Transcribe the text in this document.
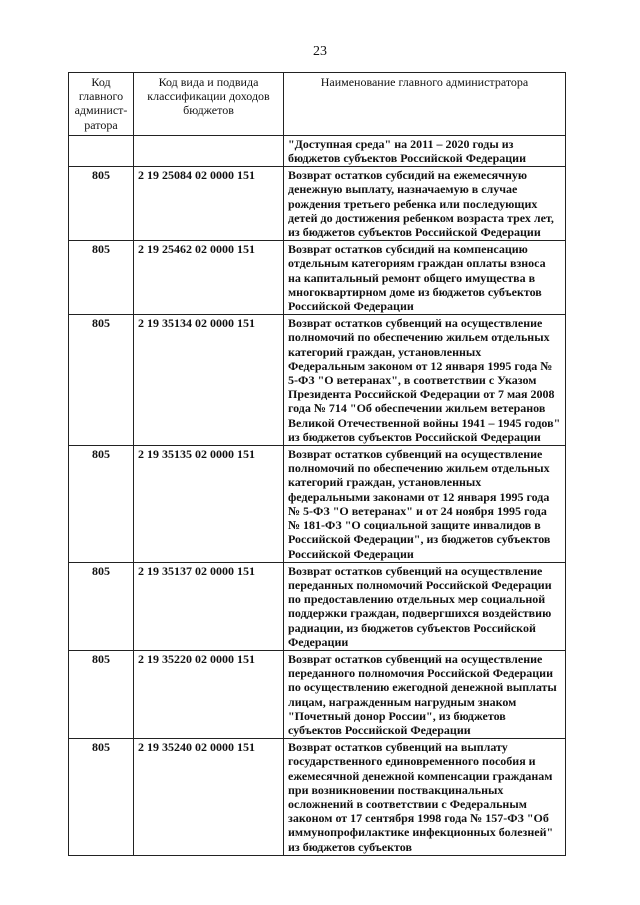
23
Код главного админист-ратора	Код вида и подвида классификации доходов бюджетов	Наименование главного администратора
		"Доступная среда" на 2011 – 2020 годы из бюджетов субъектов Российской Федерации
805	2 19 25084 02 0000 151	Возврат остатков субсидий на ежемесячную денежную выплату, назначаемую в случае рождения третьего ребенка или последующих детей до достижения ребенком возраста трех лет, из бюджетов субъектов Российской Федерации
805	2 19 25462 02 0000 151	Возврат остатков субсидий на компенсацию отдельным категориям граждан оплаты взноса на капитальный ремонт общего имущества в многоквартирном доме из бюджетов субъектов Российской Федерации
805	2 19 35134 02 0000 151	Возврат остатков субвенций на осуществление полномочий по обеспечению жильем отдельных категорий граждан, установленных Федеральным законом от 12 января 1995 года № 5-ФЗ "О ветеранах", в соответствии с Указом Президента Российской Федерации от 7 мая 2008 года № 714 "Об обеспечении жильем ветеранов Великой Отечественной войны 1941 – 1945 годов" из бюджетов субъектов Российской Федерации
805	2 19 35135 02 0000 151	Возврат остатков субвенций на осуществление полномочий по обеспечению жильем отдельных категорий граждан, установленных федеральными законами от 12 января 1995 года № 5-ФЗ "О ветеранах" и от 24 ноября 1995 года № 181-ФЗ "О социальной защите инвалидов в Российской Федерации", из бюджетов субъектов Российской Федерации
805	2 19 35137 02 0000 151	Возврат остатков субвенций на осуществление переданных полномочий Российской Федерации по предоставлению отдельных мер социальной поддержки граждан, подвергшихся воздействию радиации, из бюджетов субъектов Российской Федерации
805	2 19 35220 02 0000 151	Возврат остатков субвенций на осуществление переданного полномочия Российской Федерации по осуществлению ежегодной денежной выплаты лицам, награжденным нагрудным знаком "Почетный донор России", из бюджетов субъектов Российской Федерации
805	2 19 35240 02 0000 151	Возврат остатков субвенций на выплату государственного единовременного пособия и ежемесячной денежной компенсации гражданам при возникновении поствакцинальных осложнений в соответствии с Федеральным законом от 17 сентября 1998 года № 157-ФЗ "Об иммунопрофилактике инфекционных болезней" из бюджетов субъектов
